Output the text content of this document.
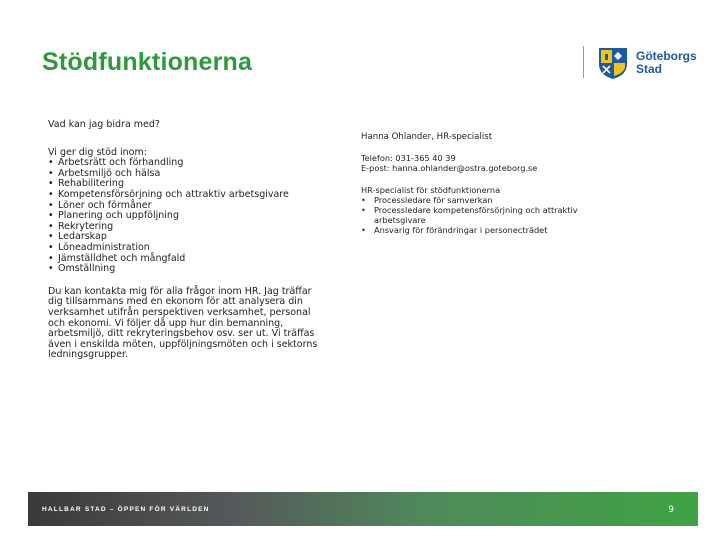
Stödfunktionerna	Göteborgs
Stad

Vad kan jag bidra med?

Vi ger dig stöd inom:

• Arbetsrätt och förhandling
• Arbetsmiljö och hälsa
• Rehabilitering
• Kompetensförsörjning och attraktiv arbetsgivare
• Löner och förmåner
• Planering och uppföljning
• Rekrytering
• Ledarskap
• Löneadministration
• Jämställdhet och mångfald
• Omställning

Du kan kontakta mig för alla frågor inom HR. Jag träffar dig tillsammans med en ekonom för att analysera din verksamhet utifrån perspektiven verksamhet, personal och ekonomi. Vi följer då upp hur din bemanning, arbetsmiljö, ditt rekryteringsbehov osv. ser ut. Vi träffas även i enskilda möten, uppföljningsmöten och i sektorns ledningsgrupper.

Hanna Ohlander, HR-specialist

Telefon: 031-365 40 39
E-post: hanna.ohlander@ostra.goteborg.se
HR-specialist för stödfunktionerna
• Processledare för samverkan
• Processledare kompetensförsörjning och attraktiv arbetsgivare
• Ansvarig för förändringar i personecträdet
HALLBAR STAD – ÖPPEN FÖR VÄRLDEN	9
